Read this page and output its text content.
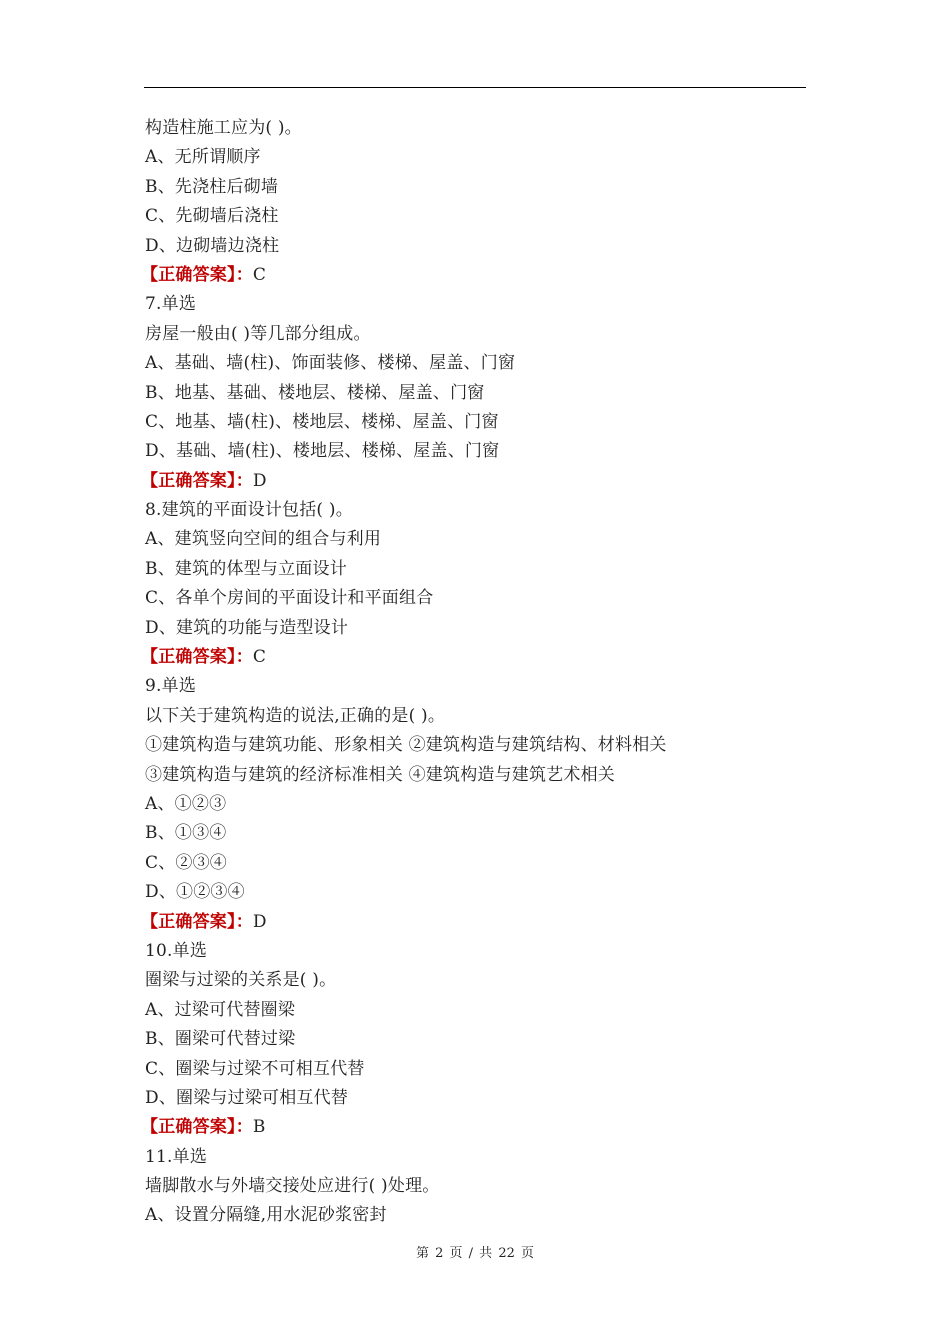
构造柱施工应为( )。
A、无所谓顺序
B、先浇柱后砌墙
C、先砌墙后浇柱
D、边砌墙边浇柱
【正确答案】：C
7.单选
房屋一般由( )等几部分组成。
A、基础、墙(柱)、饰面装修、楼梯、屋盖、门窗
B、地基、基础、楼地层、楼梯、屋盖、门窗
C、地基、墙(柱)、楼地层、楼梯、屋盖、门窗
D、基础、墙(柱)、楼地层、楼梯、屋盖、门窗
【正确答案】：D
8.建筑的平面设计包括( )。
A、建筑竖向空间的组合与利用
B、建筑的体型与立面设计
C、各单个房间的平面设计和平面组合
D、建筑的功能与造型设计
【正确答案】：C
9.单选
以下关于建筑构造的说法,正确的是( )。
①建筑构造与建筑功能、形象相关 ②建筑构造与建筑结构、材料相关
③建筑构造与建筑的经济标准相关 ④建筑构造与建筑艺术相关
A、①②③
B、①③④
C、②③④
D、①②③④
【正确答案】：D
10.单选
圈梁与过梁的关系是( )。
A、过梁可代替圈梁
B、圈梁可代替过梁
C、圈梁与过梁不可相互代替
D、圈梁与过梁可相互代替
【正确答案】：B
11.单选
墙脚散水与外墙交接处应进行( )处理。
A、设置分隔缝,用水泥砂浆密封
第 2 页 / 共 22 页
